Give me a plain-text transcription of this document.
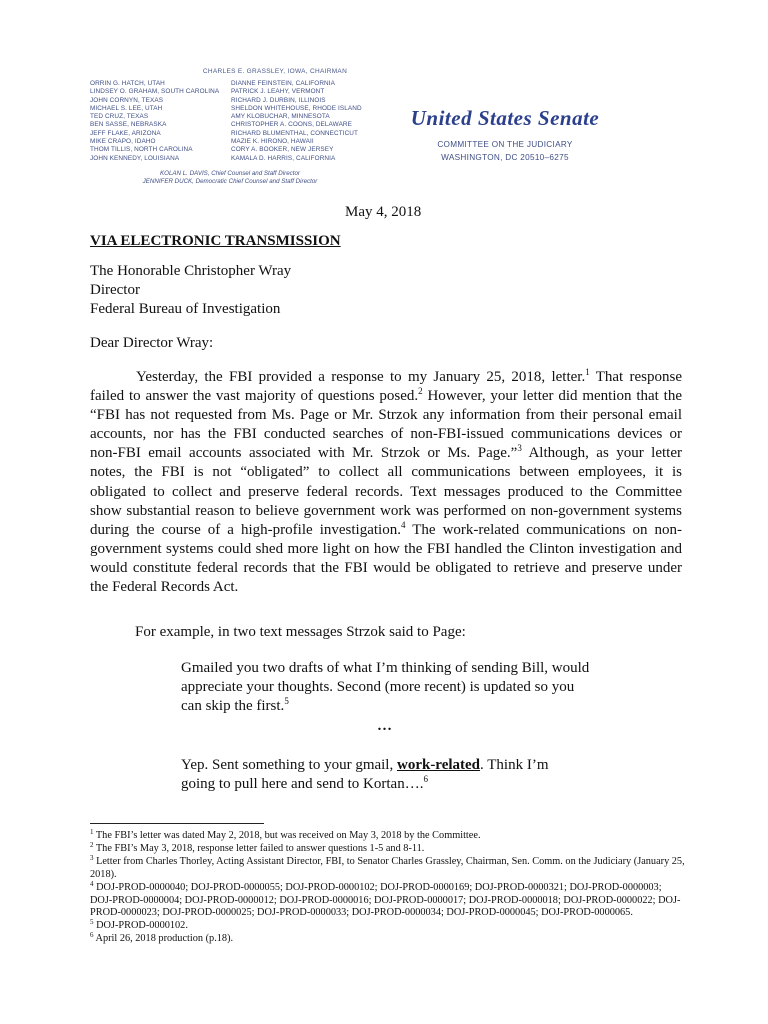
CHARLES E. GRASSLEY, IOWA, CHAIRMAN
ORRIN G. HATCH, UTAH
LINDSEY O. GRAHAM, SOUTH CAROLINA
JOHN CORNYN, TEXAS
MICHAEL S. LEE, UTAH
TED CRUZ, TEXAS
BEN SASSE, NEBRASKA
JEFF FLAKE, ARIZONA
MIKE CRAPO, IDAHO
THOM TILLIS, NORTH CAROLINA
JOHN KENNEDY, LOUISIANA
DIANNE FEINSTEIN, CALIFORNIA
PATRICK J. LEAHY, VERMONT
RICHARD J. DURBIN, ILLINOIS
SHELDON WHITEHOUSE, RHODE ISLAND
AMY KLOBUCHAR, MINNESOTA
CHRISTOPHER A. COONS, DELAWARE
RICHARD BLUMENTHAL, CONNECTICUT
MAZIE K. HIRONO, HAWAII
CORY A. BOOKER, NEW JERSEY
KAMALA D. HARRIS, CALIFORNIA
KOLAN L. DAVIS, Chief Counsel and Staff Director
JENNIFER DUCK, Democratic Chief Counsel and Staff Director
United States Senate
COMMITTEE ON THE JUDICIARY
WASHINGTON, DC 20510–6275
May 4, 2018
VIA ELECTRONIC TRANSMISSION
The Honorable Christopher Wray
Director
Federal Bureau of Investigation
Dear Director Wray:
Yesterday, the FBI provided a response to my January 25, 2018, letter.$^1$ That response
failed to answer the vast majority of questions posed.$^2$ However, your letter did mention that the
“FBI has not requested from Ms. Page or Mr. Strzok any information from their personal email
accounts, nor has the FBI conducted searches of non-FBI-issued communications devices or
non-FBI email accounts associated with Mr. Strzok or Ms. Page.”$^3$ Although, as your letter
notes, the FBI is not “obligated” to collect all communications between employees, it is
obligated to collect and preserve federal records. Text messages produced to the Committee
show substantial reason to believe government work was performed on non-government systems
during the course of a high-profile investigation.$^4$ The work-related communications on non-
government systems could shed more light on how the FBI handled the Clinton investigation and
would constitute federal records that the FBI would be obligated to retrieve and preserve under
the Federal Records Act.
For example, in two text messages Strzok said to Page:
Gmailed you two drafts of what I’m thinking of sending Bill, would
appreciate your thoughts. Second (more recent) is updated so you
can skip the first.$^5$
…
Yep. Sent something to your gmail, work-related. Think I’m
going to pull here and send to Kortan….$^6$
$^1$ The FBI’s letter was dated May 2, 2018, but was received on May 3, 2018 by the Committee.
$^2$ The FBI’s May 3, 2018, response letter failed to answer questions 1-5 and 8-11.
$^3$ Letter from Charles Thorley, Acting Assistant Director, FBI, to Senator Charles Grassley, Chairman, Sen. Comm. on the Judiciary (January 25, 2018).
$^4$ DOJ-PROD-0000040; DOJ-PROD-0000055; DOJ-PROD-0000102; DOJ-PROD-0000169; DOJ-PROD-0000321; DOJ-PROD-0000003; DOJ-PROD-0000004; DOJ-PROD-0000012; DOJ-PROD-0000016; DOJ-PROD-0000017; DOJ-PROD-0000018; DOJ-PROD-0000022; DOJ-PROD-0000023; DOJ-PROD-0000025; DOJ-PROD-0000033; DOJ-PROD-0000034; DOJ-PROD-0000045; DOJ-PROD-0000065.
$^5$ DOJ-PROD-0000102.
$^6$ April 26, 2018 production (p.18).
